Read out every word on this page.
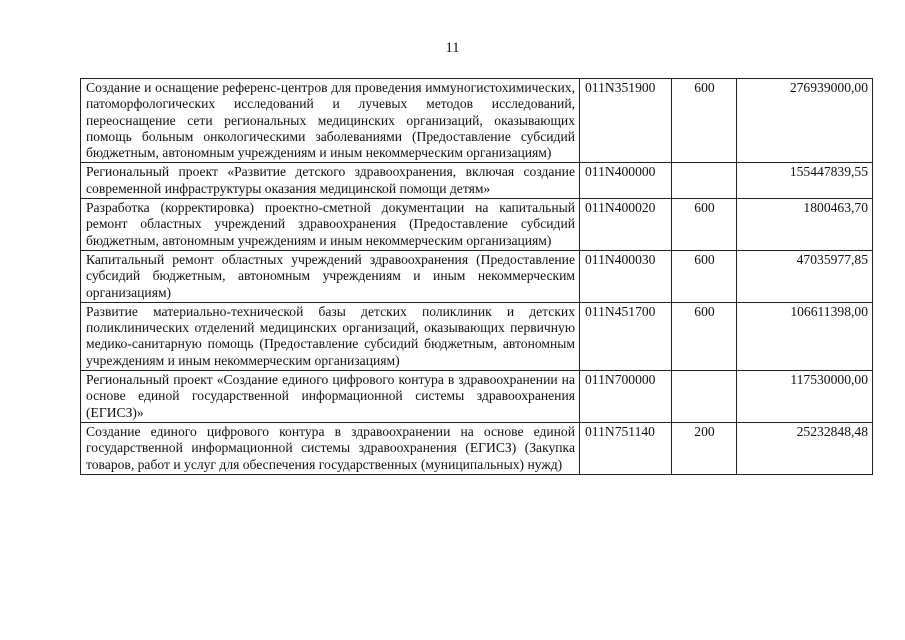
11
Создание и оснащение референс-центров для проведения иммуногистохимических, патоморфологических исследований и лучевых методов исследований, переоснащение сети региональных медицинских организаций, оказывающих помощь больным онкологическими заболеваниями (Предоставление субсидий бюджетным, автономным учреждениям и иным некоммерческим организациям)	011N351900	600	276939000,00
Региональный проект «Развитие детского здравоохранения, включая создание современной инфраструктуры оказания медицинской помощи детям»	011N400000		155447839,55
Разработка (корректировка) проектно-сметной документации на капитальный ремонт областных учреждений здравоохранения (Предоставление субсидий бюджетным, автономным учреждениям и иным некоммерческим организациям)	011N400020	600	1800463,70
Капитальный ремонт областных учреждений здравоохранения (Предоставление субсидий бюджетным, автономным учреждениям и иным некоммерческим организациям)	011N400030	600	47035977,85
Развитие материально-технической базы детских поликлиник и детских поликлинических отделений медицинских организаций, оказывающих первичную медико-санитарную помощь (Предоставление субсидий бюджетным, автономным учреждениям и иным некоммерческим организациям)	011N451700	600	106611398,00
Региональный проект «Создание единого цифрового контура в здравоохранении на основе единой государственной информационной системы здравоохранения (ЕГИСЗ)»	011N700000		117530000,00
Создание единого цифрового контура в здравоохранении на основе единой государственной информационной системы здравоохранения (ЕГИСЗ) (Закупка товаров, работ и услуг для обеспечения государственных (муниципальных) нужд)	011N751140	200	25232848,48
